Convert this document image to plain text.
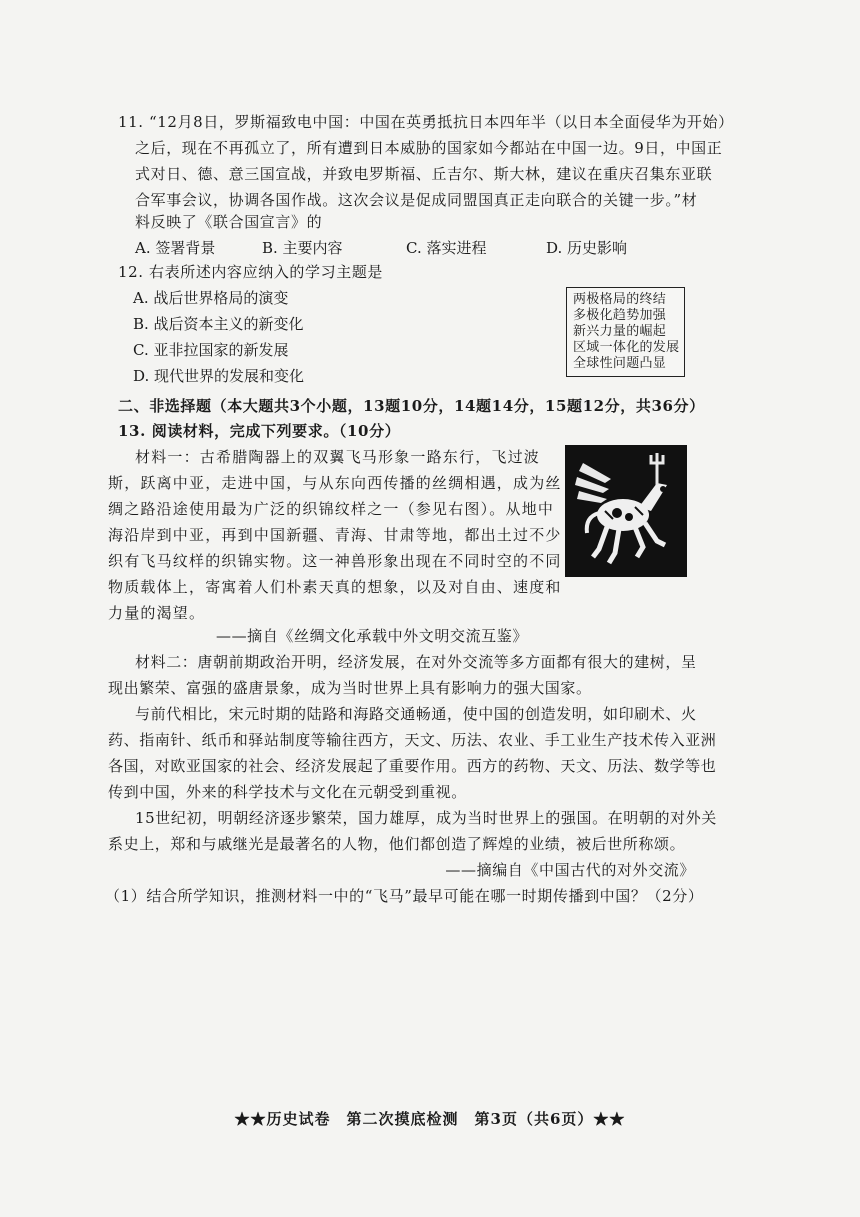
11. “12月8日，罗斯福致电中国：中国在英勇抵抗日本四年半（以日本全面侵华为开始）
之后，现在不再孤立了，所有遭到日本威胁的国家如今都站在中国一边。9日，中国正
式对日、德、意三国宣战，并致电罗斯福、丘吉尔、斯大林，建议在重庆召集东亚联
合军事会议，协调各国作战。这次会议是促成同盟国真正走向联合的关键一步。”材
料反映了《联合国宣言》的
A. 签署背景	B. 主要内容	C. 落实进程	D. 历史影响
12. 右表所述内容应纳入的学习主题是
A. 战后世界格局的演变
B. 战后资本主义的新变化
C. 亚非拉国家的新发展
D. 现代世界的发展和变化
两极格局的终结
多极化趋势加强
新兴力量的崛起
区域一体化的发展
全球性问题凸显
二、非选择题（本大题共3个小题，13题10分，14题14分，15题12分，共36分）
13. 阅读材料，完成下列要求。（10分）
材料一：古希腊陶器上的双翼飞马形象一路东行，飞过波
斯，跃离中亚，走进中国，与从东向西传播的丝绸相遇，成为丝
绸之路沿途使用最为广泛的织锦纹样之一（参见右图）。从地中
海沿岸到中亚，再到中国新疆、青海、甘肃等地，都出土过不少
织有飞马纹样的织锦实物。这一神兽形象出现在不同时空的不同
物质载体上，寄寓着人们朴素天真的想象，以及对自由、速度和
力量的渴望。
——摘自《丝绸文化承载中外文明交流互鉴》
材料二：唐朝前期政治开明，经济发展，在对外交流等多方面都有很大的建树，呈
现出繁荣、富强的盛唐景象，成为当时世界上具有影响力的强大国家。
与前代相比，宋元时期的陆路和海路交通畅通，使中国的创造发明，如印刷术、火
药、指南针、纸币和驿站制度等输往西方，天文、历法、农业、手工业生产技术传入亚洲
各国，对欧亚国家的社会、经济发展起了重要作用。西方的药物、天文、历法、数学等也
传到中国，外来的科学技术与文化在元朝受到重视。
15世纪初，明朝经济逐步繁荣，国力雄厚，成为当时世界上的强国。在明朝的对外关
系史上，郑和与戚继光是最著名的人物，他们都创造了辉煌的业绩，被后世所称颂。
——摘编自《中国古代的对外交流》
（1）结合所学知识，推测材料一中的“飞马”最早可能在哪一时期传播到中国？（2分）
★★历史试卷　第二次摸底检测　第3页（共6页）★★
